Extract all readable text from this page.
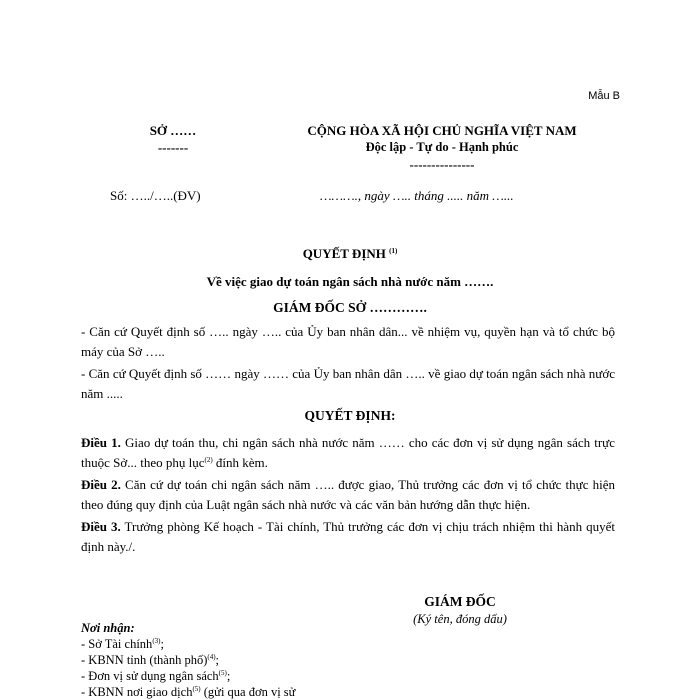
Mẫu B
SỞ ……
-------
CỘNG HÒA XÃ HỘI CHỦ NGHĨA VIỆT NAM
Độc lập - Tự do - Hạnh phúc
---------------
Số: …../…..(ĐV)	………., ngày ….. tháng ..... năm …...
QUYẾT ĐỊNH $^{(1)}$
Về việc giao dự toán ngân sách nhà nước năm …….
GIÁM ĐỐC SỞ ………….
- Căn cứ Quyết định số ….. ngày ….. của Ủy ban nhân dân... về nhiệm vụ, quyền hạn và tổ chức bộ máy của Sở …..
- Căn cứ Quyết định số …… ngày …… của Ủy ban nhân dân ….. về giao dự toán ngân sách nhà nước năm .....
QUYẾT ĐỊNH:
Điều 1. Giao dự toán thu, chi ngân sách nhà nước năm …… cho các đơn vị sử dụng ngân sách trực thuộc Sở... theo phụ lục$^{(2)}$ đính kèm.
Điều 2. Căn cứ dự toán chi ngân sách năm ….. được giao, Thủ trưởng các đơn vị tổ chức thực hiện theo đúng quy định của Luật ngân sách nhà nước và các văn bản hướng dẫn thực hiện.
Điều 3. Trưởng phòng Kế hoạch - Tài chính, Thủ trưởng các đơn vị chịu trách nhiệm thi hành quyết định này./.
GIÁM ĐỐC
(Ký tên, đóng dấu)
Nơi nhận:
- Sở Tài chính$^{(3)}$;
- KBNN tỉnh (thành phố)$^{(4)}$;
- Đơn vị sử dụng ngân sách$^{(5)}$;
- KBNN nơi giao dịch$^{(5)}$ (gửi qua đơn vị sử
